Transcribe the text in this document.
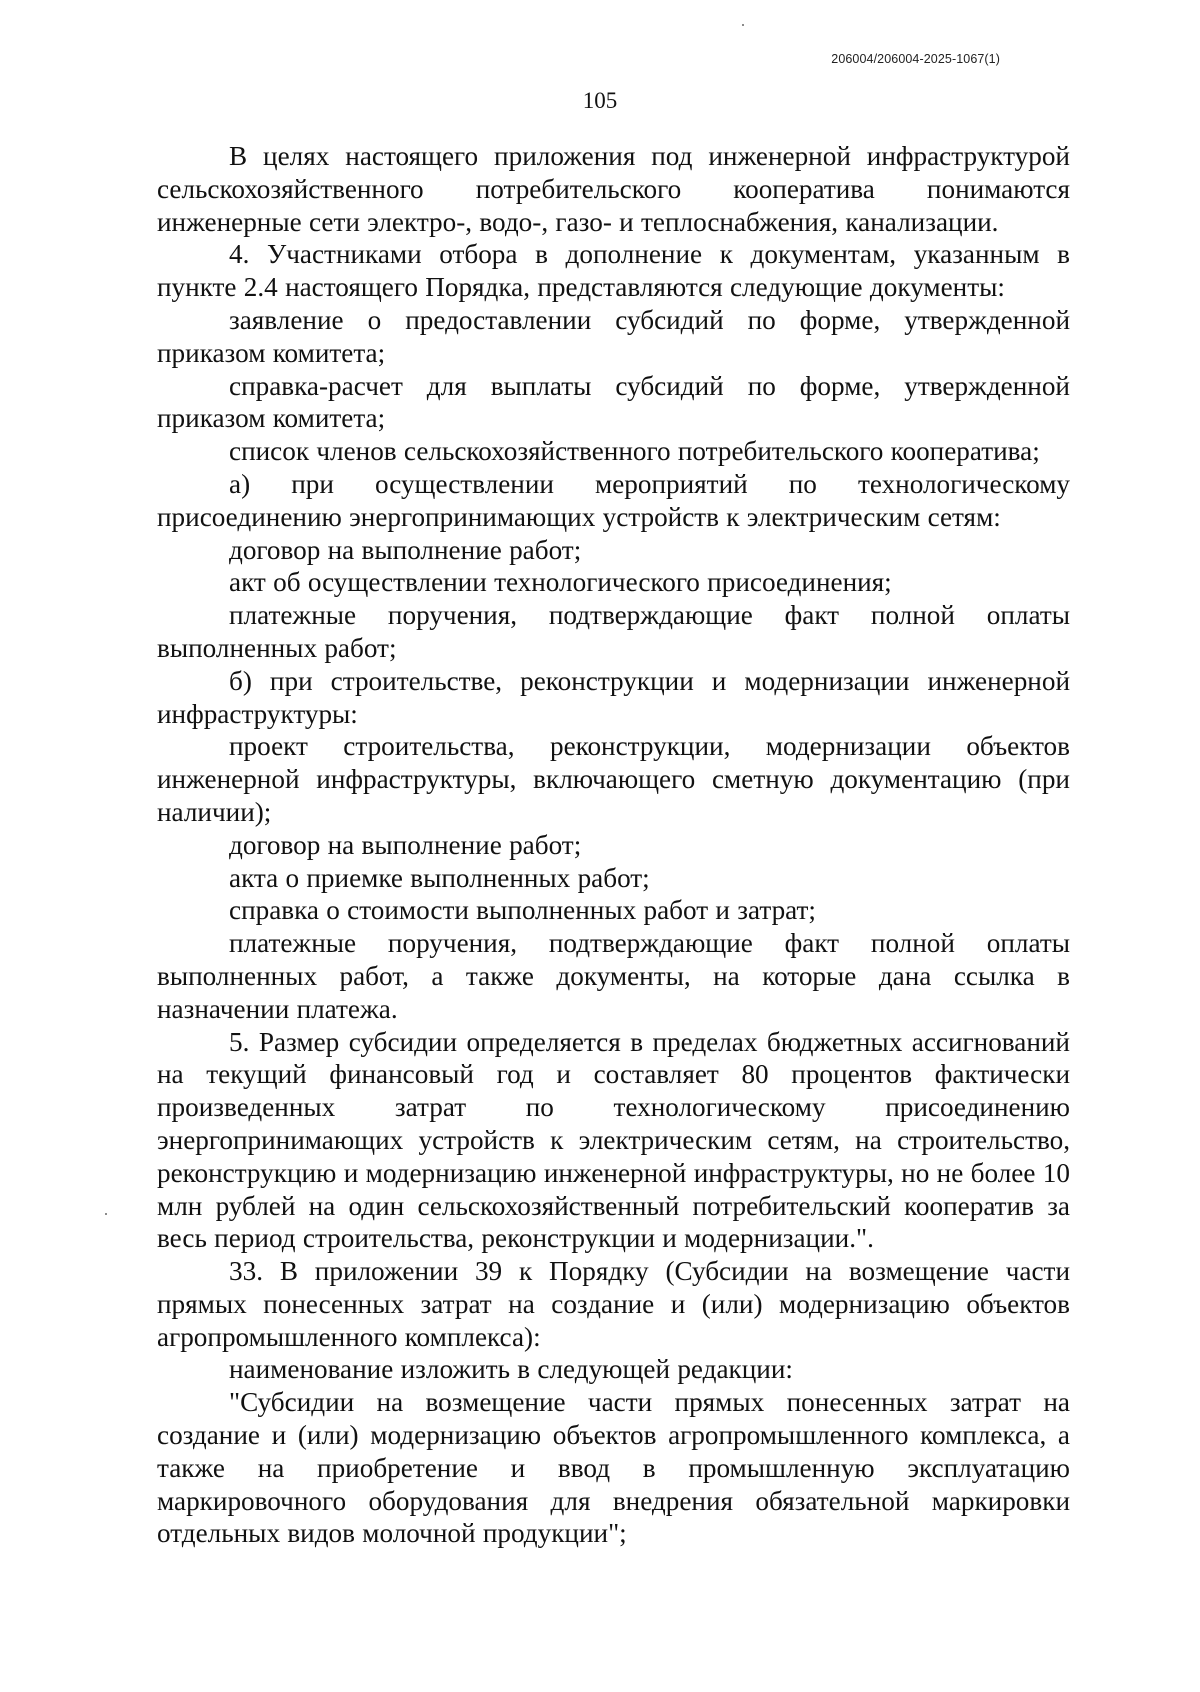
206004/206004-2025-1067(1)
105

В целях настоящего приложения под инженерной инфраструктурой сельскохозяйственного потребительского кооператива понимаются инженерные сети электро-, водо-, газо- и теплоснабжения, канализации.

4. Участниками отбора в дополнение к документам, указанным в пункте 2.4 настоящего Порядка, представляются следующие документы:

заявление о предоставлении субсидий по форме, утвержденной приказом комитета;

справка-расчет для выплаты субсидий по форме, утвержденной приказом комитета;

список членов сельскохозяйственного потребительского кооператива;

а) при осуществлении мероприятий по технологическому присоединению энергопринимающих устройств к электрическим сетям:

договор на выполнение работ;

акт об осуществлении технологического присоединения;

платежные поручения, подтверждающие факт полной оплаты выполненных работ;

б) при строительстве, реконструкции и модернизации инженерной инфраструктуры:

проект строительства, реконструкции, модернизации объектов инженерной инфраструктуры, включающего сметную документацию (при наличии);

договор на выполнение работ;

акта о приемке выполненных работ;

справка о стоимости выполненных работ и затрат;

платежные поручения, подтверждающие факт полной оплаты выполненных работ, а также документы, на которые дана ссылка в назначении платежа.

5. Размер субсидии определяется в пределах бюджетных ассигнований на текущий финансовый год и составляет 80 процентов фактически произведенных затрат по технологическому присоединению энергопринимающих устройств к электрическим сетям, на строительство, реконструкцию и модернизацию инженерной инфраструктуры, но не более 10 млн рублей на один сельскохозяйственный потребительский кооператив за весь период строительства, реконструкции и модернизации.".

33. В приложении 39 к Порядку (Субсидии на возмещение части прямых понесенных затрат на создание и (или) модернизацию объектов агропромышленного комплекса):

наименование изложить в следующей редакции:

"Субсидии на возмещение части прямых понесенных затрат на создание и (или) модернизацию объектов агропромышленного комплекса, а также на приобретение и ввод в промышленную эксплуатацию маркировочного оборудования для внедрения обязательной маркировки отдельных видов молочной продукции";
